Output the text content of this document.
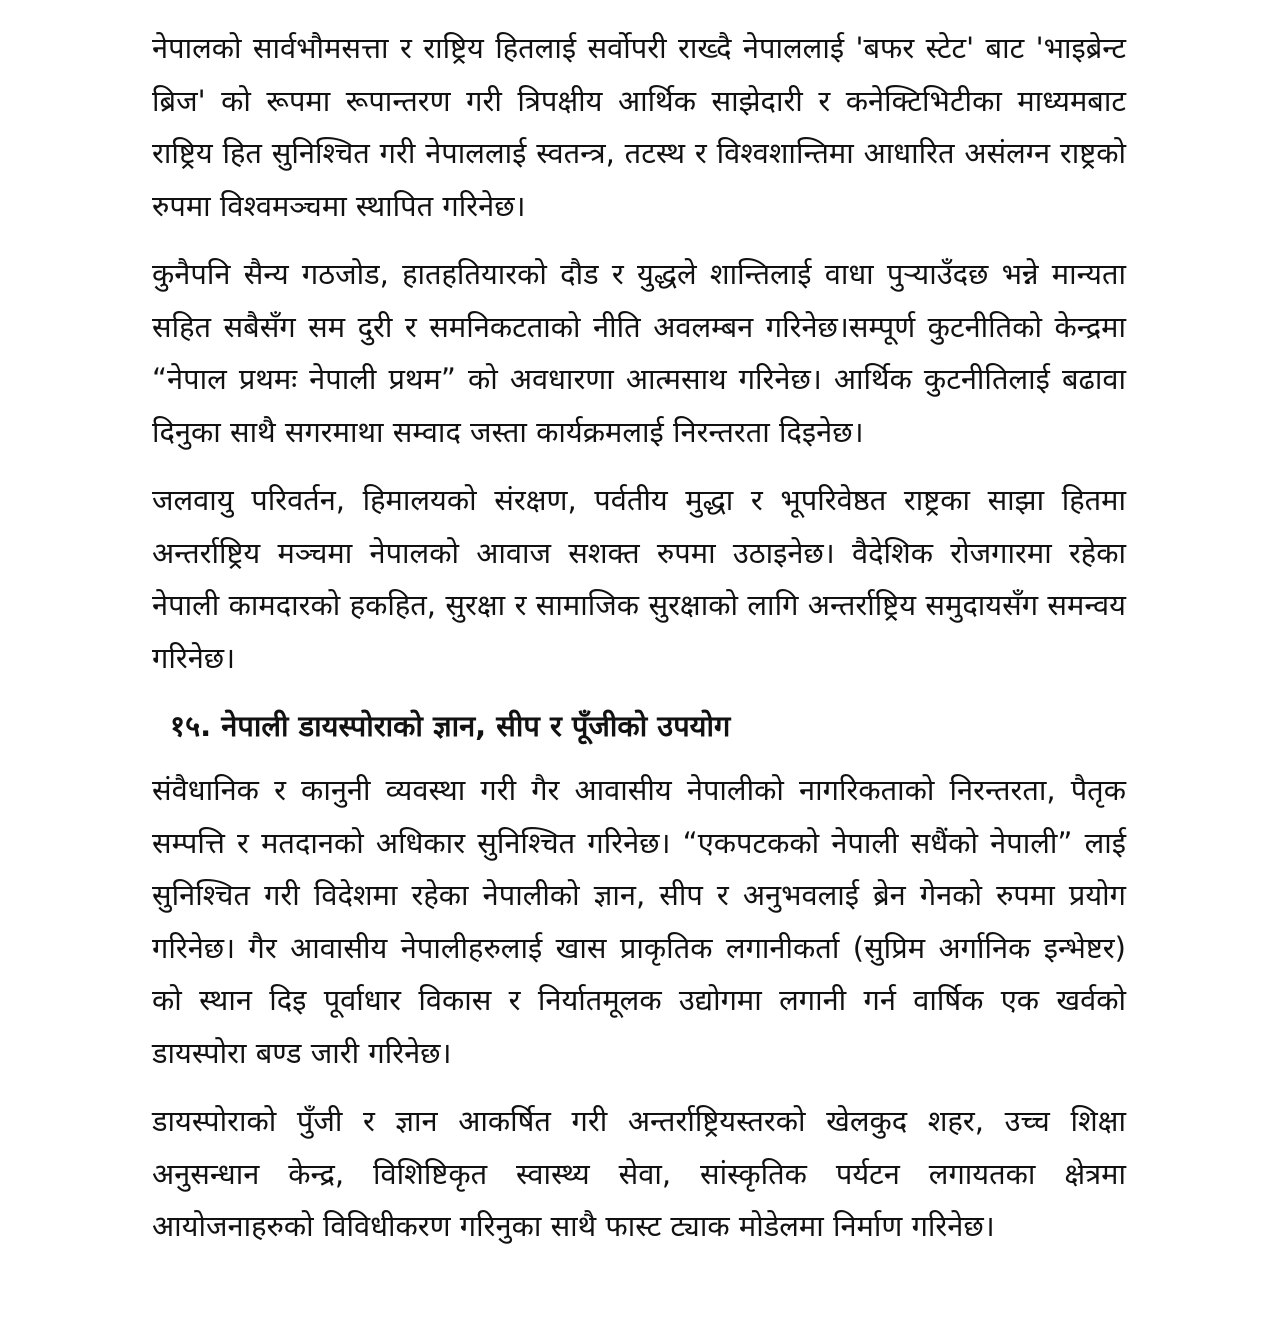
नेपालको सार्वभौमसत्ता र राष्ट्रिय हितलाई सर्वोपरी राख्दै नेपाललाई 'बफर स्टेट' बाट 'भाइब्रेन्ट ब्रिज' को रूपमा रूपान्तरण गरी त्रिपक्षीय आर्थिक साझेदारी र कनेक्टिभिटीका माध्यमबाट राष्ट्रिय हित सुनिश्चित गरी नेपाललाई स्वतन्त्र, तटस्थ र विश्वशान्तिमा आधारित असंलग्न राष्ट्रको रुपमा विश्वमञ्चमा स्थापित गरिनेछ।

कुनैपनि सैन्य गठजोड, हातहतियारको दौड र युद्धले शान्तिलाई वाधा पुऱ्याउँदछ भन्ने मान्यता सहित सबैसँग सम दुरी र समनिकटताको नीति अवलम्बन गरिनेछ।सम्पूर्ण कुटनीतिको केन्द्रमा “नेपाल प्रथमः नेपाली प्रथम” को अवधारणा आत्मसाथ गरिनेछ। आर्थिक कुटनीतिलाई बढावा दिनुका साथै सगरमाथा सम्वाद जस्ता कार्यक्रमलाई निरन्तरता दिइनेछ।

जलवायु परिवर्तन, हिमालयको संरक्षण, पर्वतीय मुद्धा र भूपरिवेष्ठत राष्ट्रका साझा हितमा अन्तर्राष्ट्रिय मञ्चमा नेपालको आवाज सशक्त रुपमा उठाइनेछ। वैदेशिक रोजगारमा रहेका नेपाली कामदारको हकहित, सुरक्षा र सामाजिक सुरक्षाको लागि अन्तर्राष्ट्रिय समुदायसँग समन्वय गरिनेछ।

१५. नेपाली डायस्पोराको ज्ञान, सीप र पूँजीको उपयोग

संवैधानिक र कानुनी व्यवस्था गरी गैर आवासीय नेपालीको नागरिकताको निरन्तरता, पैतृक सम्पत्ति र मतदानको अधिकार सुनिश्चित गरिनेछ। “एकपटकको नेपाली सधैंको नेपाली” लाई सुनिश्चित गरी विदेशमा रहेका नेपालीको ज्ञान, सीप र अनुभवलाई ब्रेन गेनको रुपमा प्रयोग गरिनेछ। गैर आवासीय नेपालीहरुलाई खास प्राकृतिक लगानीकर्ता (सुप्रिम अर्गानिक इन्भेष्टर) को स्थान दिइ पूर्वाधार विकास र निर्यातमूलक उद्योगमा लगानी गर्न वार्षिक एक खर्वको डायस्पोरा बण्ड जारी गरिनेछ।

डायस्पोराको पुँजी र ज्ञान आकर्षित गरी अन्तर्राष्ट्रियस्तरको खेलकुद शहर, उच्च शिक्षा अनुसन्धान केन्द्र, विशिष्टिकृत स्वास्थ्य सेवा, सांस्कृतिक पर्यटन लगायतका क्षेत्रमा आयोजनाहरुको विविधीकरण गरिनुका साथै फास्ट ट्याक मोडेलमा निर्माण गरिनेछ।
